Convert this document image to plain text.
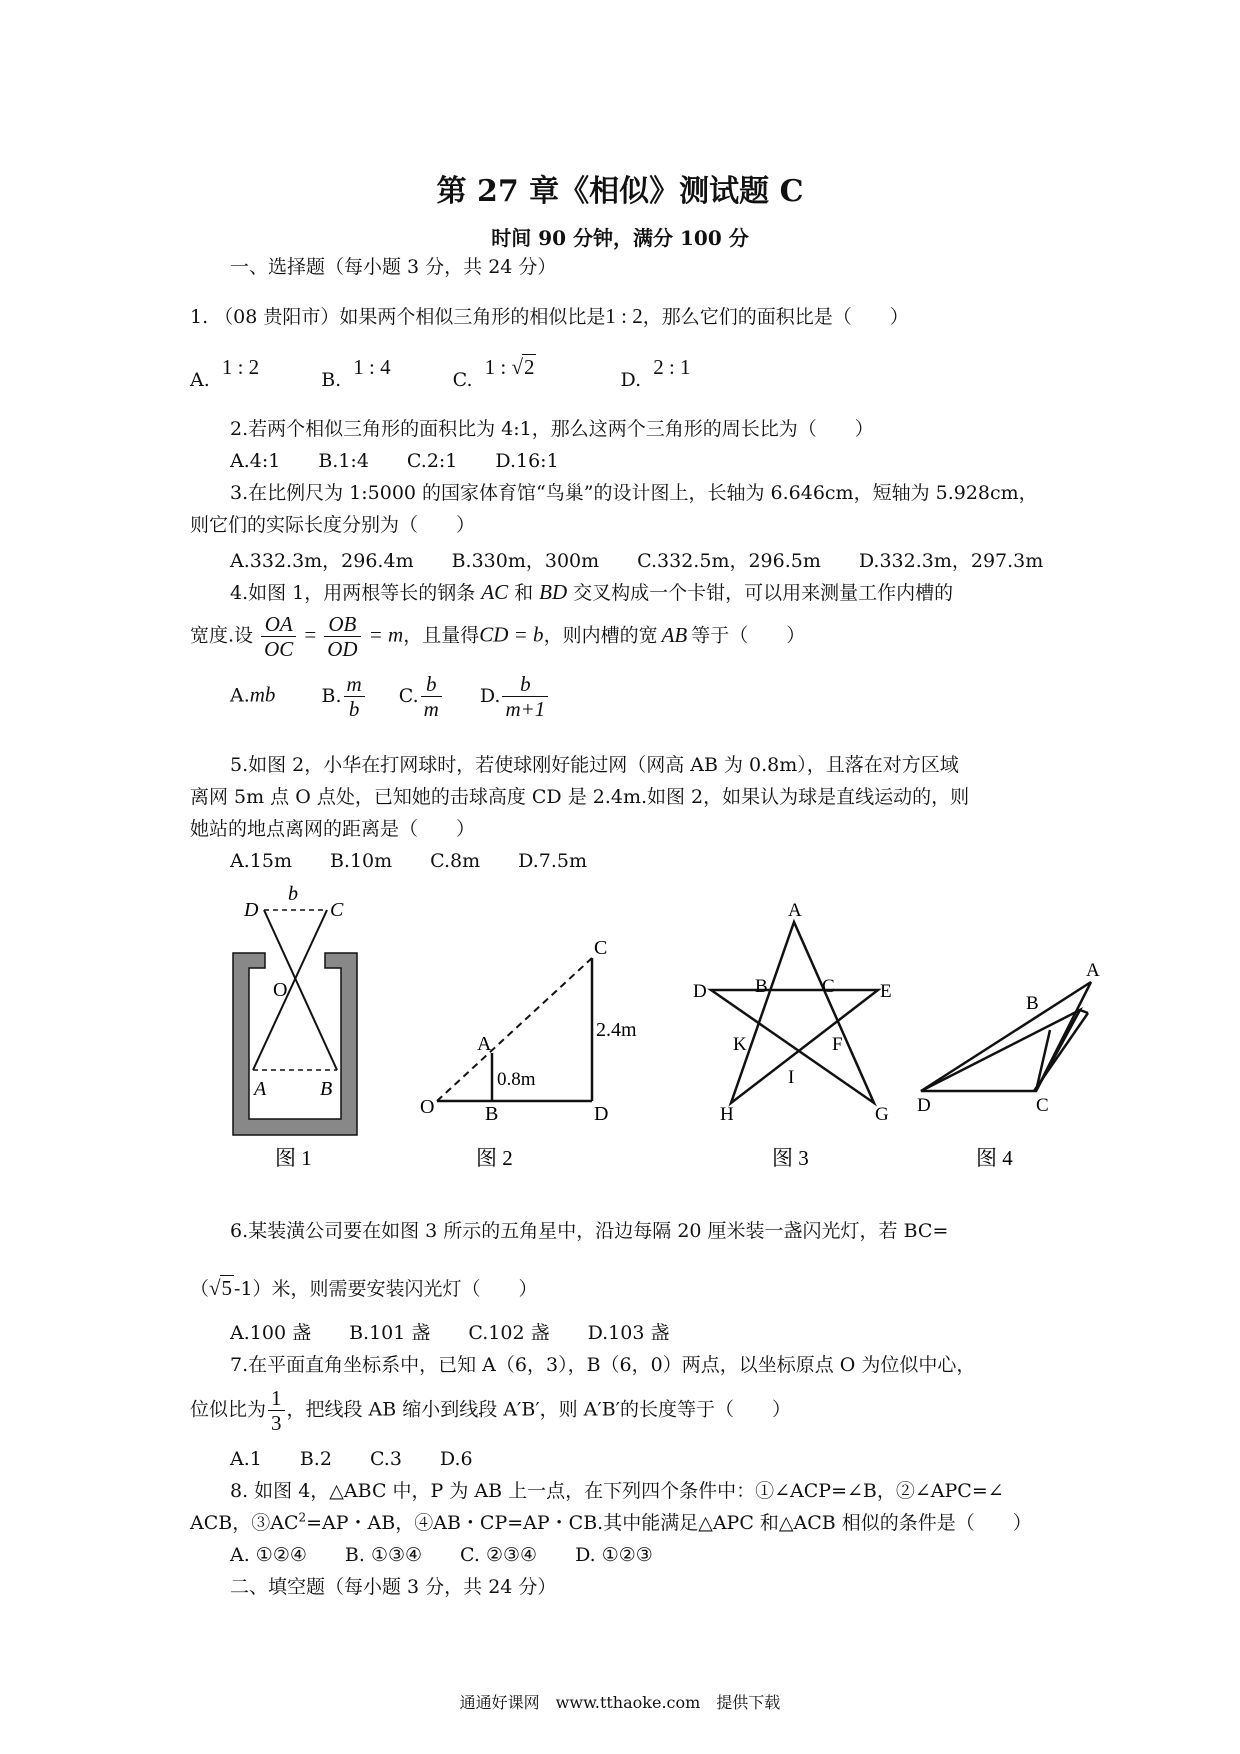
第 27 章《相似》测试题 C
时间 90 分钟，满分 100 分
一、选择题（每小题 3 分，共 24 分）
1. （08 贵阳市）如果两个相似三角形的相似比是1 : 2，那么它们的面积比是（　　）
A. 1 : 2 B. 1 : 4 C. 1 : √2 D. 2 : 1
2.若两个相似三角形的面积比为 4:1，那么这两个三角形的周长比为（　　）
A.4:1　　B.1:4　　C.2:1　　D.16:1
3.在比例尺为 1:5000 的国家体育馆“鸟巢”的设计图上，长轴为 6.646cm，短轴为 5.928cm，
则它们的实际长度分别为（　　）
A.332.3m，296.4m　　B.330m，300m　　C.332.5m，296.5m　　D.332.3m，297.3m
4.如图 1，用两根等长的钢条 AC 和 BD 交叉构成一个卡钳，可以用来测量工作内槽的
宽度.设 $\frac{OA}{OC} = \frac{OB}{OD} = m$，且量得CD = b，则内槽的宽 AB 等于（　　）
A.mb B. $\frac{m}{b} C$. $\frac{b}{m} D$. $\frac{b}{m+1}$
5.如图 2，小华在打网球时，若使球刚好能过网（网高 AB 为 0.8m），且落在对方区域
离网 5m 点 O 点处，已知她的击球高度 CD 是 2.4m.如图 2，如果认为球是直线运动的，则
她站的地点离网的距离是（　　）
A.15m　　B.10m　　C.8m　　D.7.5m
D
b
C
O
A	B
图 1
C
A
2.4m
0.8m
O	B	D
图 2
A
D	B	C E
K	F
I
H	G
图 3
A
B
D	C
图 4
6.某装潢公司要在如图 3 所示的五角星中，沿边每隔 20 厘米装一盏闪光灯，若 BC=
（√5 -1）米，则需要安装闪光灯（　　）
A.100 盏　　B.101 盏　　C.102 盏　　D.103 盏
7.在平面直角坐标系中，已知 A（6，3），B（6，0）两点，以坐标原点 O 为位似中心，
位似比为 $\frac{1}{3}$ ，把线段 AB 缩小到线段 A′B′，则 A′B′的长度等于（　　）
A.1　　B.2　　C.3　　D.6
8. 如图 4，△ABC 中，P 为 AB 上一点，在下列四个条件中：①∠ACP=∠B，②∠APC=∠
ACB，$③AC^2=AP$・AB，④AB・CP=AP・CB.其中能满足△APC 和△ACB 相似的条件是（　　）
A. ①②④　　B. ①③④　　C. ②③④　　D. ①②③
二、填空题（每小题 3 分，共 24 分）
通通好课网　www.tthaoke.com　提供下载
